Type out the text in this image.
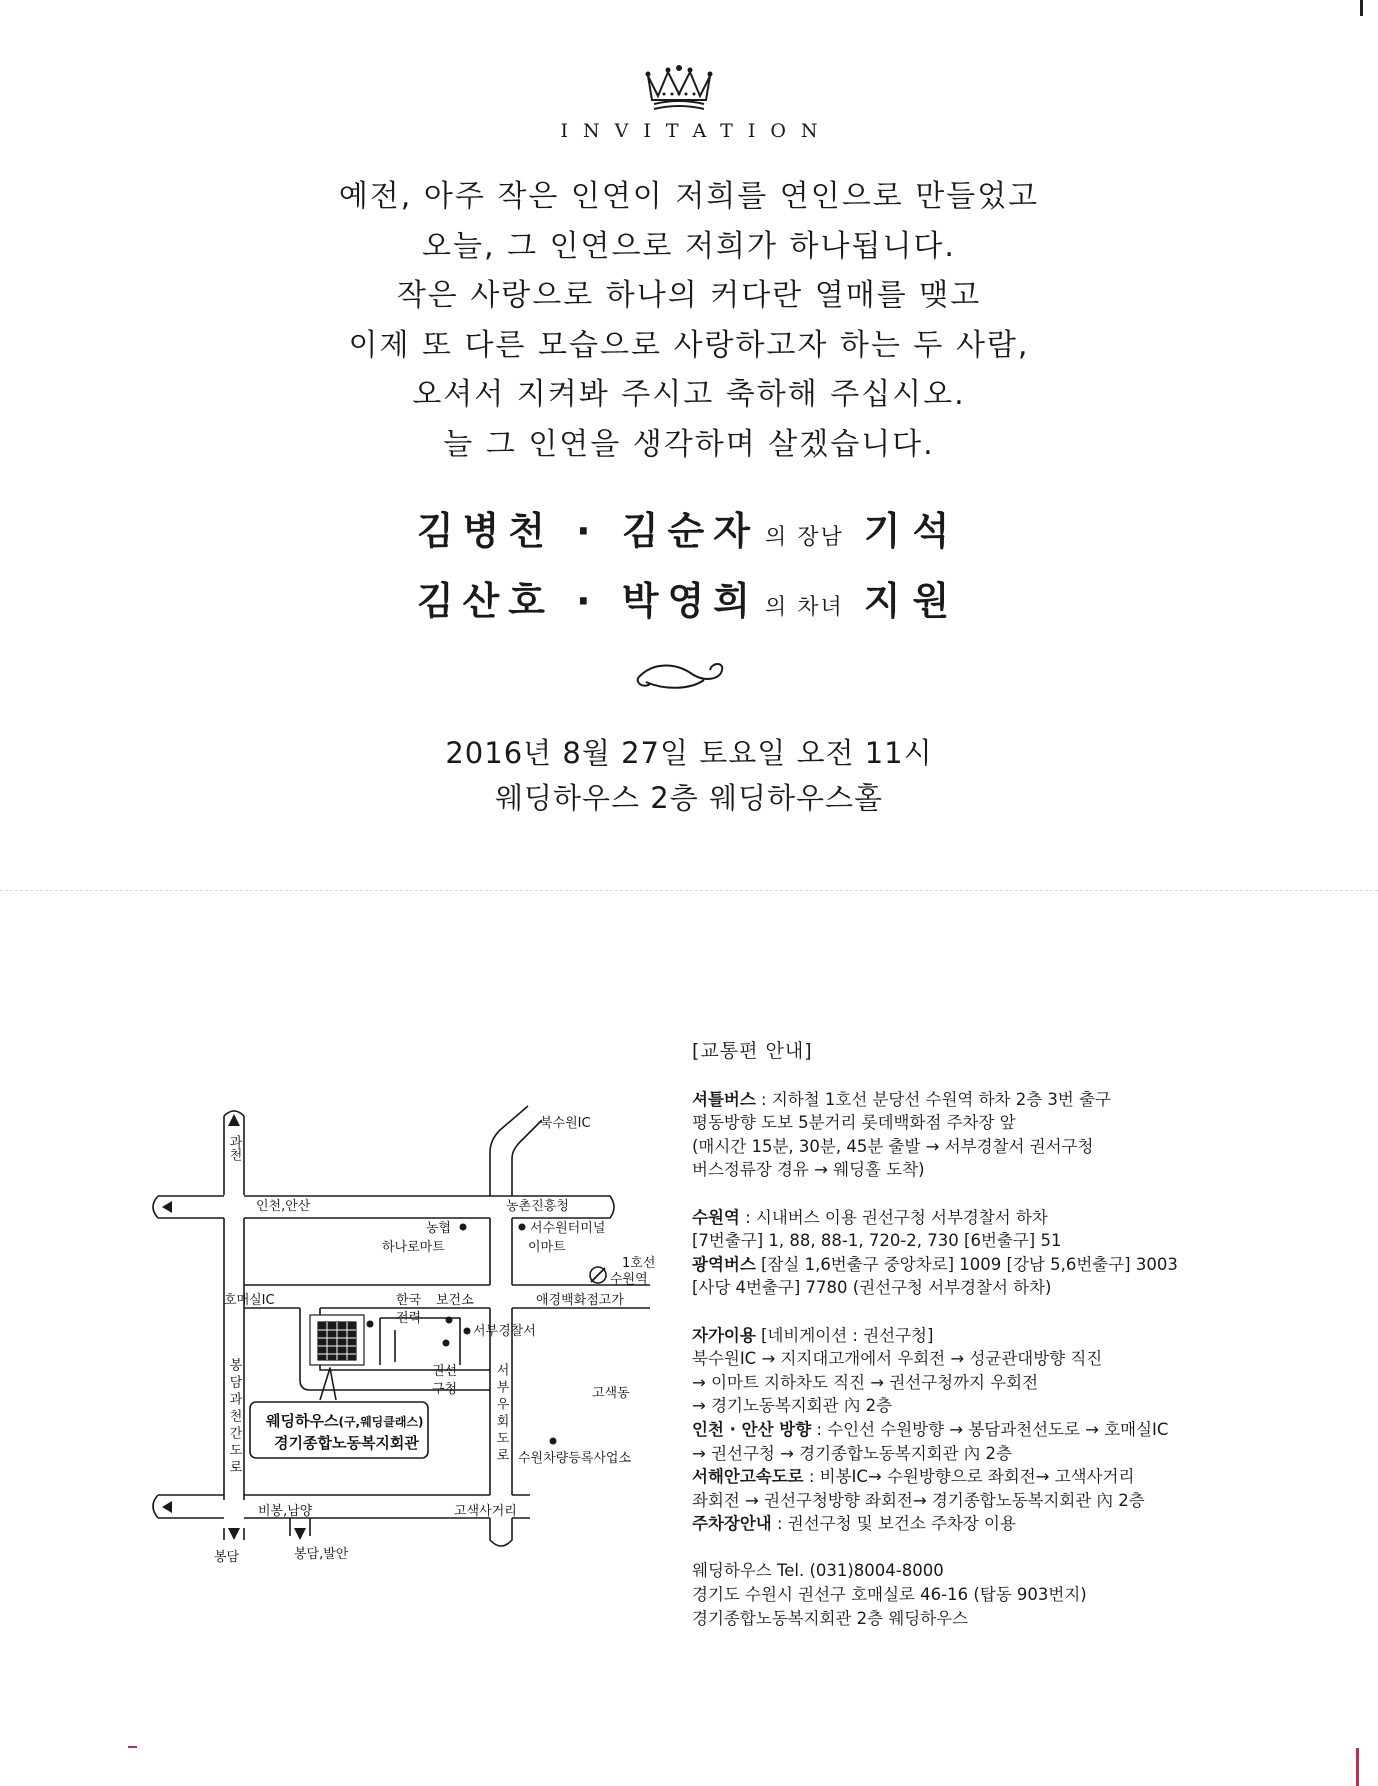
INVITATION
예전, 아주 작은 인연이 저희를 연인으로 만들었고
오늘, 그 인연으로 저희가 하나됩니다.
작은 사랑으로 하나의 커다란 열매를 맺고
이제 또 다른 모습으로 사랑하고자 하는 두 사람,
오셔서 지켜봐 주시고 축하해 주십시오.
늘 그 인연을 생각하며 살겠습니다.
김병천 · 김순자 의 장남 기석
김산호 · 박영희 의 차녀 지원
2016년 8월 27일 토요일 오전 11시
웨딩하우스 2층 웨딩하우스홀
과천
북수원IC
인천,안산	농촌진흥청
농협
하나로마트
서수원터미널
이마트
1호선
수원역
호매실IC	한국
전력
보건소	애경백화점고가
서부경찰서
권선
구청	고색동
수원차량등록사업소
비봉,남양	고색사거리
봉담	봉담,발안
서부우회도로
봉담과천간도로 웨딩하우스(구,웨딩클래스)
경기종합노동복지회관
[교통편 안내]
셔틀버스 : 지하철 1호선 분당선 수원역 하차 2층 3번 출구
평동방향 도보 5분거리 롯데백화점 주차장 앞
(매시간 15분, 30분, 45분 출발 → 서부경찰서 권서구청
버스정류장 경유 → 웨딩홀 도착)
수원역 : 시내버스 이용 권선구청 서부경찰서 하차
[7번출구] 1, 88, 88-1, 720-2, 730 [6번출구] 51
광역버스 [잠실 1,6번출구 중앙차로] 1009 [강남 5,6번출구] 3003
[사당 4번출구] 7780 (권선구청 서부경찰서 하차)
자가이용 [네비게이션 : 권선구청]
북수원IC → 지지대고개에서 우회전 → 성균관대방향 직진
→ 이마트 지하차도 직진 → 권선구청까지 우회전
→ 경기노동복지회관 內 2층
인천 · 안산 방향 : 수인선 수원방향 → 봉담과천선도로 → 호매실IC
→ 권선구청 → 경기종합노동복지회관 內 2층
서해안고속도로 : 비봉IC→ 수원방향으로 좌회전→ 고색사거리
좌회전 → 권선구청방향 좌회전→ 경기종합노동복지회관 內 2층
주차장안내 : 권선구청 및 보건소 주차장 이용
웨딩하우스 Tel. (031)8004-8000
경기도 수원시 권선구 호매실로 46-16 (탑동 903번지)
경기종합노동복지회관 2층 웨딩하우스
